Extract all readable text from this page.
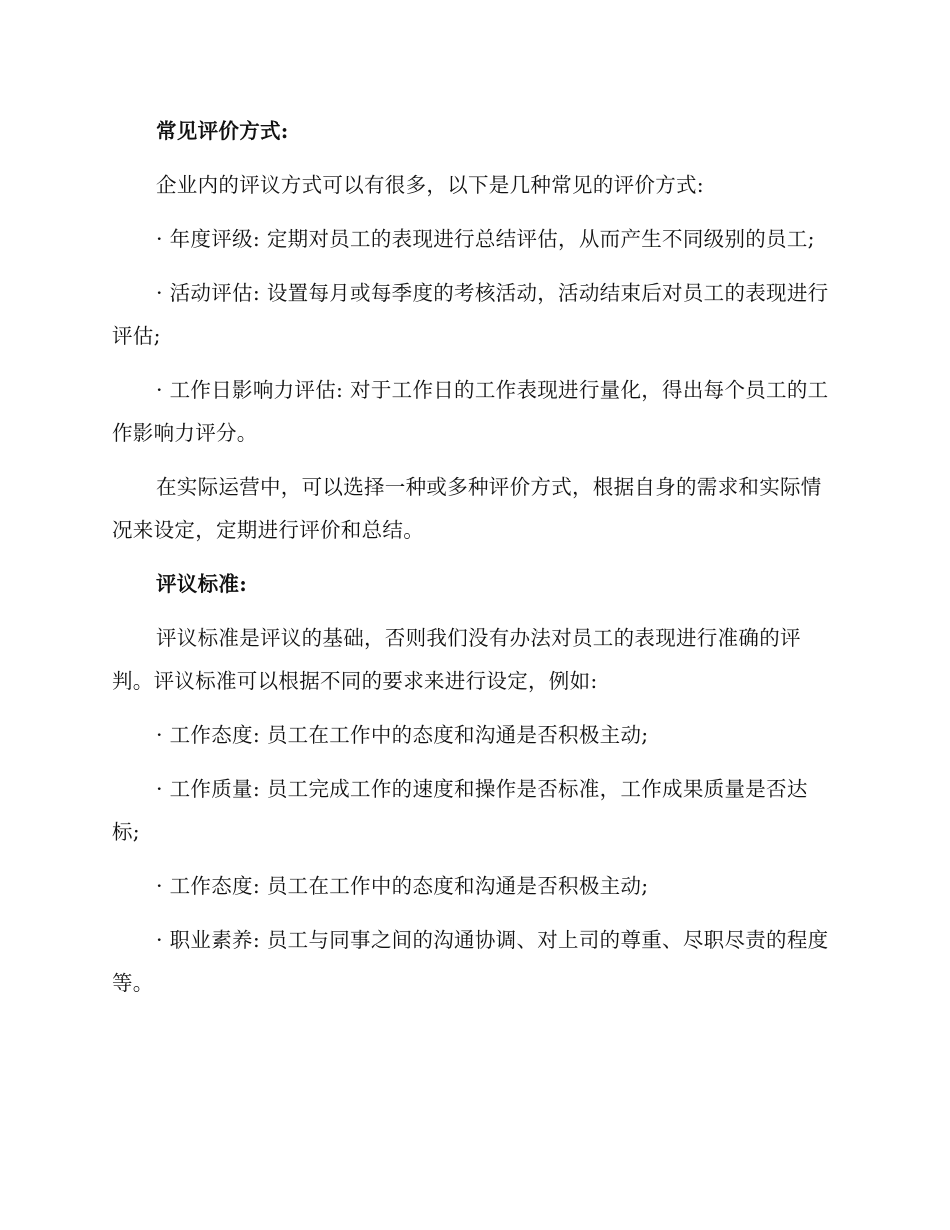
常见评价方式:

企业内的评议方式可以有很多，以下是几种常见的评价方式:

· 年度评级: 定期对员工的表现进行总结评估，从而产生不同级别的员工;

· 活动评估: 设置每月或每季度的考核活动，活动结束后对员工的表现进行评估;

· 工作日影响力评估: 对于工作日的工作表现进行量化，得出每个员工的工作影响力评分。

在实际运营中，可以选择一种或多种评价方式，根据自身的需求和实际情况来设定，定期进行评价和总结。

评议标准:

评议标准是评议的基础，否则我们没有办法对员工的表现进行准确的评判。评议标准可以根据不同的要求来进行设定，例如:

· 工作态度: 员工在工作中的态度和沟通是否积极主动;

· 工作质量: 员工完成工作的速度和操作是否标准，工作成果质量是否达标;

· 工作态度: 员工在工作中的态度和沟通是否积极主动;

· 职业素养: 员工与同事之间的沟通协调、对上司的尊重、尽职尽责的程度等。
